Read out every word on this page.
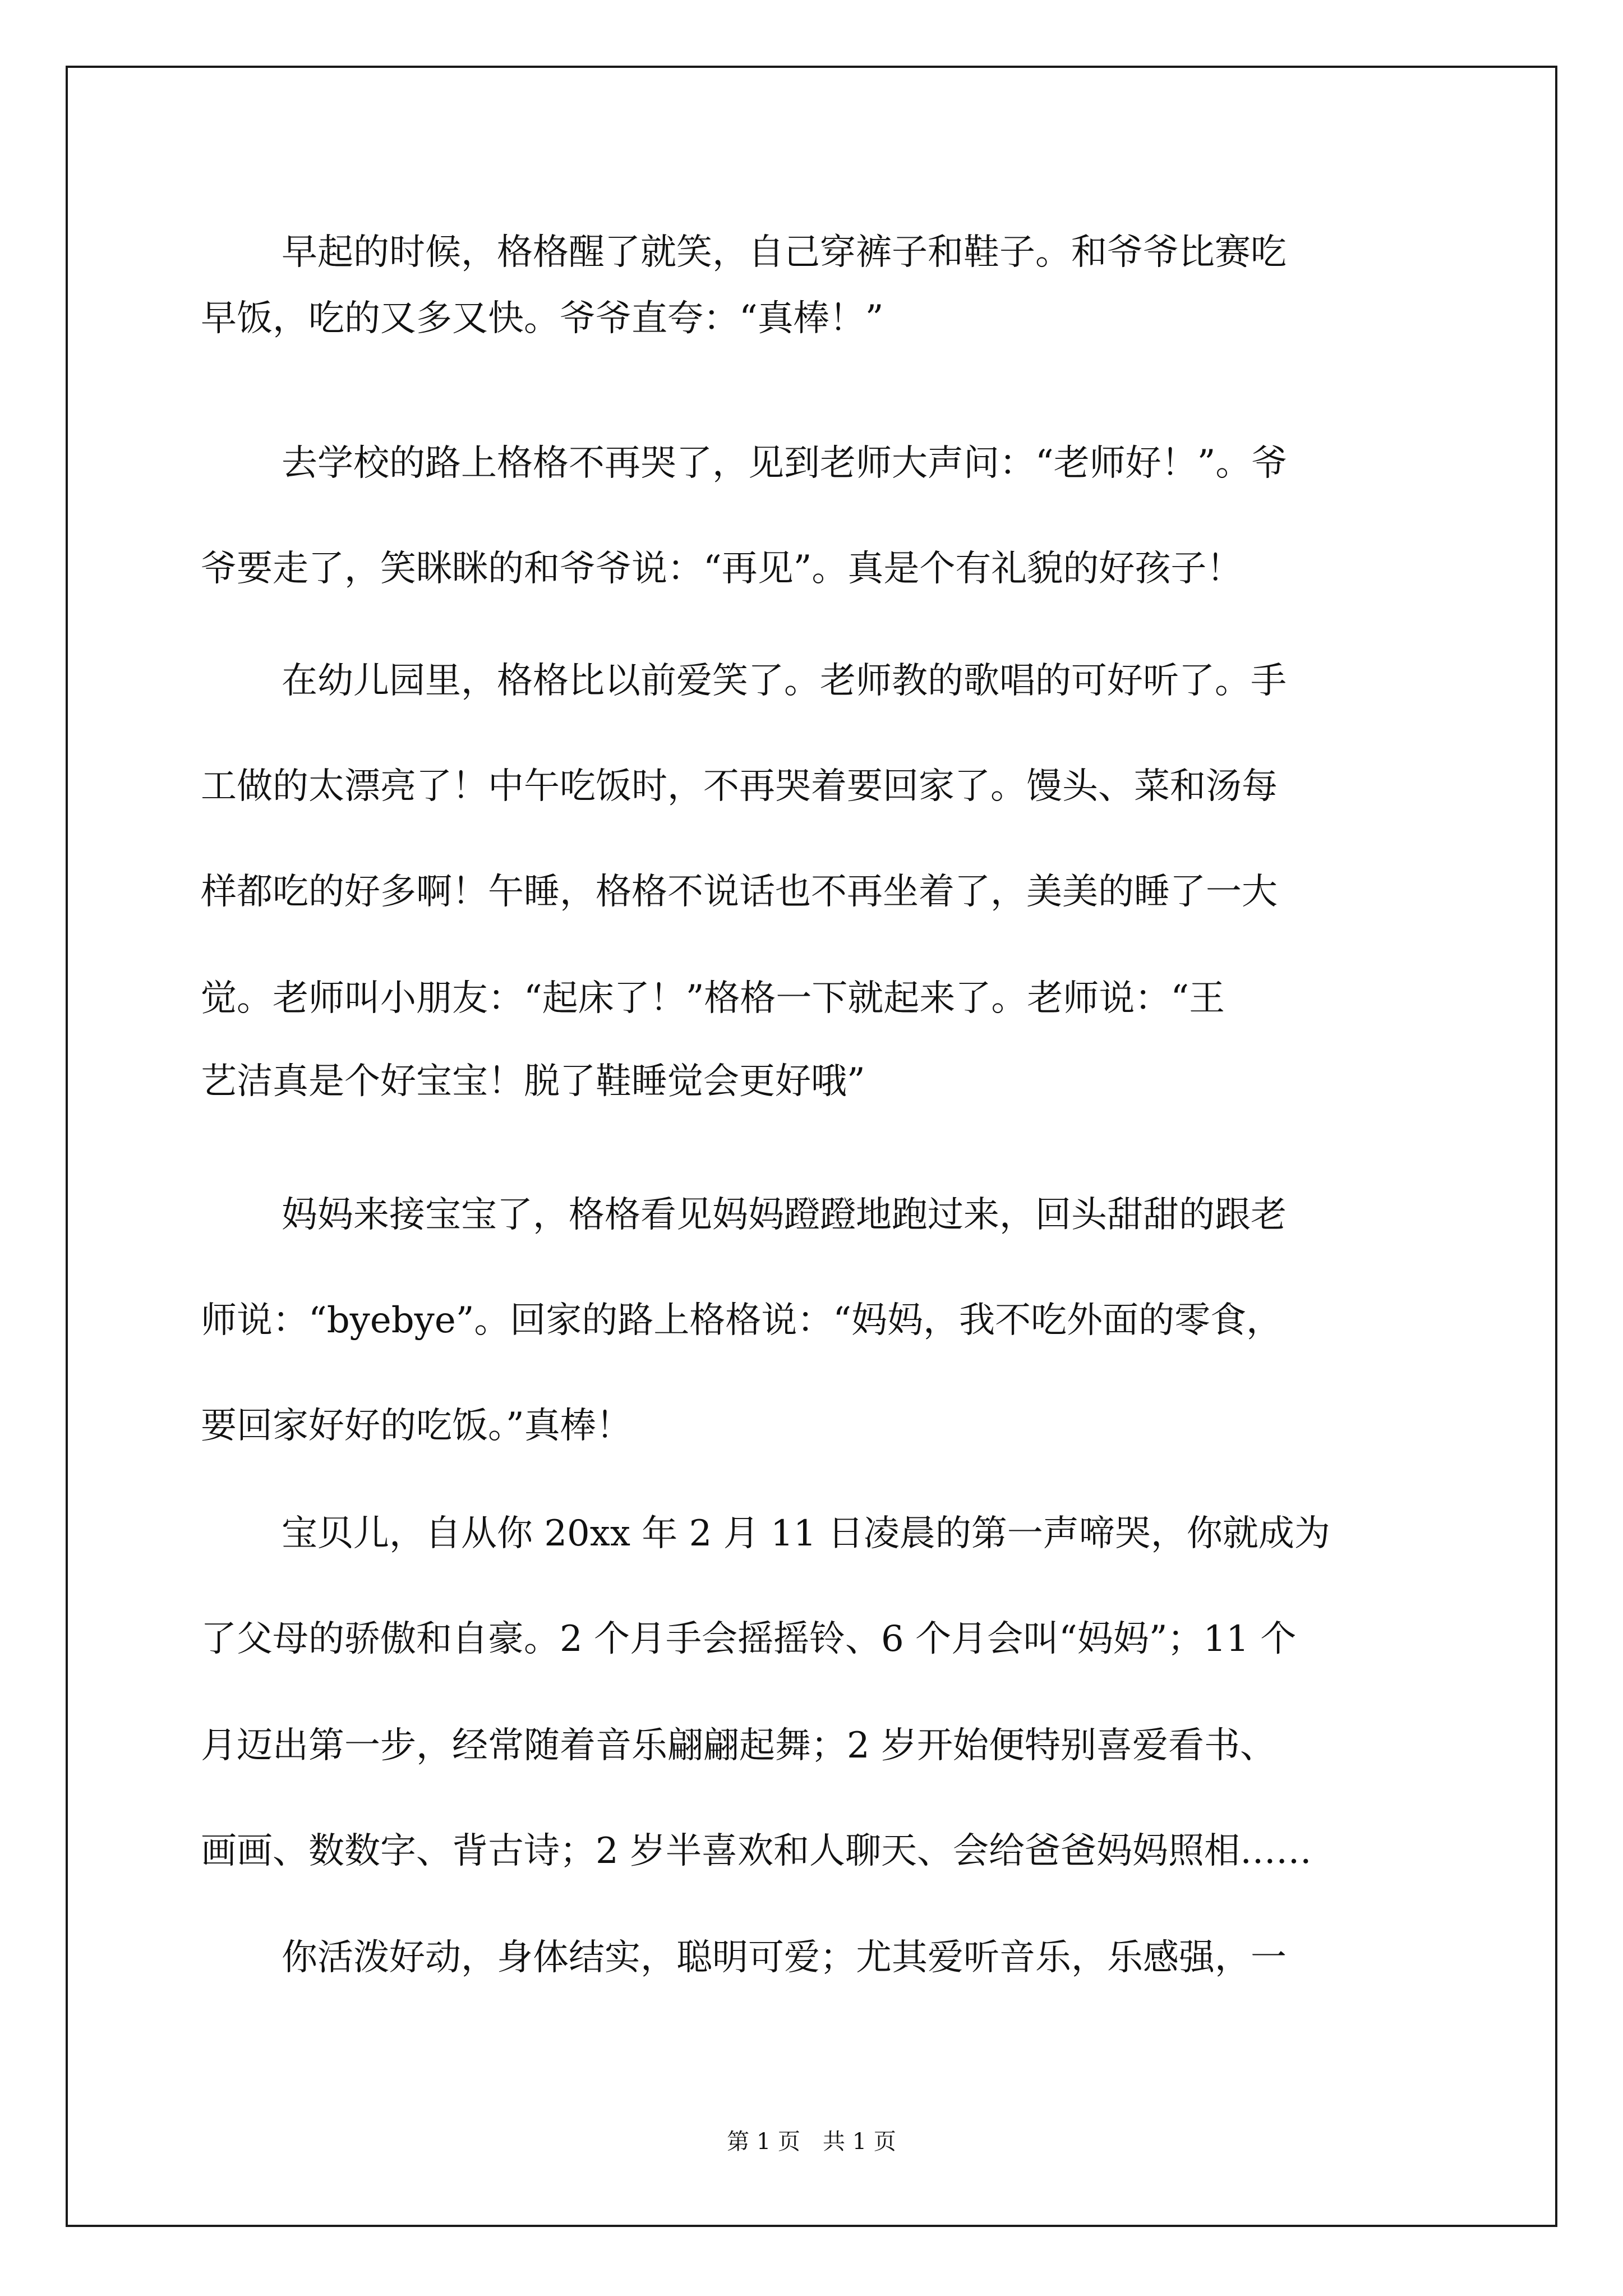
早起的时候，格格醒了就笑，自己穿裤子和鞋子。和爷爷比赛吃
早饭，吃的又多又快。爷爷直夸：“真棒！”
去学校的路上格格不再哭了，见到老师大声问：“老师好！”。爷
爷要走了，笑眯眯的和爷爷说：“再见”。真是个有礼貌的好孩子！
在幼儿园里，格格比以前爱笑了。老师教的歌唱的可好听了。手
工做的太漂亮了！中午吃饭时，不再哭着要回家了。馒头、菜和汤每
样都吃的好多啊！午睡，格格不说话也不再坐着了，美美的睡了一大
觉。老师叫小朋友：“起床了！”格格一下就起来了。老师说：“王
艺洁真是个好宝宝！脱了鞋睡觉会更好哦”
妈妈来接宝宝了，格格看见妈妈蹬蹬地跑过来，回头甜甜的跟老
师说：“byebye”。回家的路上格格说：“妈妈，我不吃外面的零食，
要回家好好的吃饭。”真棒！
宝贝儿，自从你 20xx 年 2 月 11 日凌晨的第一声啼哭，你就成为
了父母的骄傲和自豪。2 个月手会摇摇铃、6 个月会叫“妈妈”；11 个
月迈出第一步，经常随着音乐翩翩起舞；2 岁开始便特别喜爱看书、
画画、数数字、背古诗；2 岁半喜欢和人聊天、会给爸爸妈妈照相……
你活泼好动，身体结实，聪明可爱；尤其爱听音乐，乐感强，一
第 1 页　共 1 页
